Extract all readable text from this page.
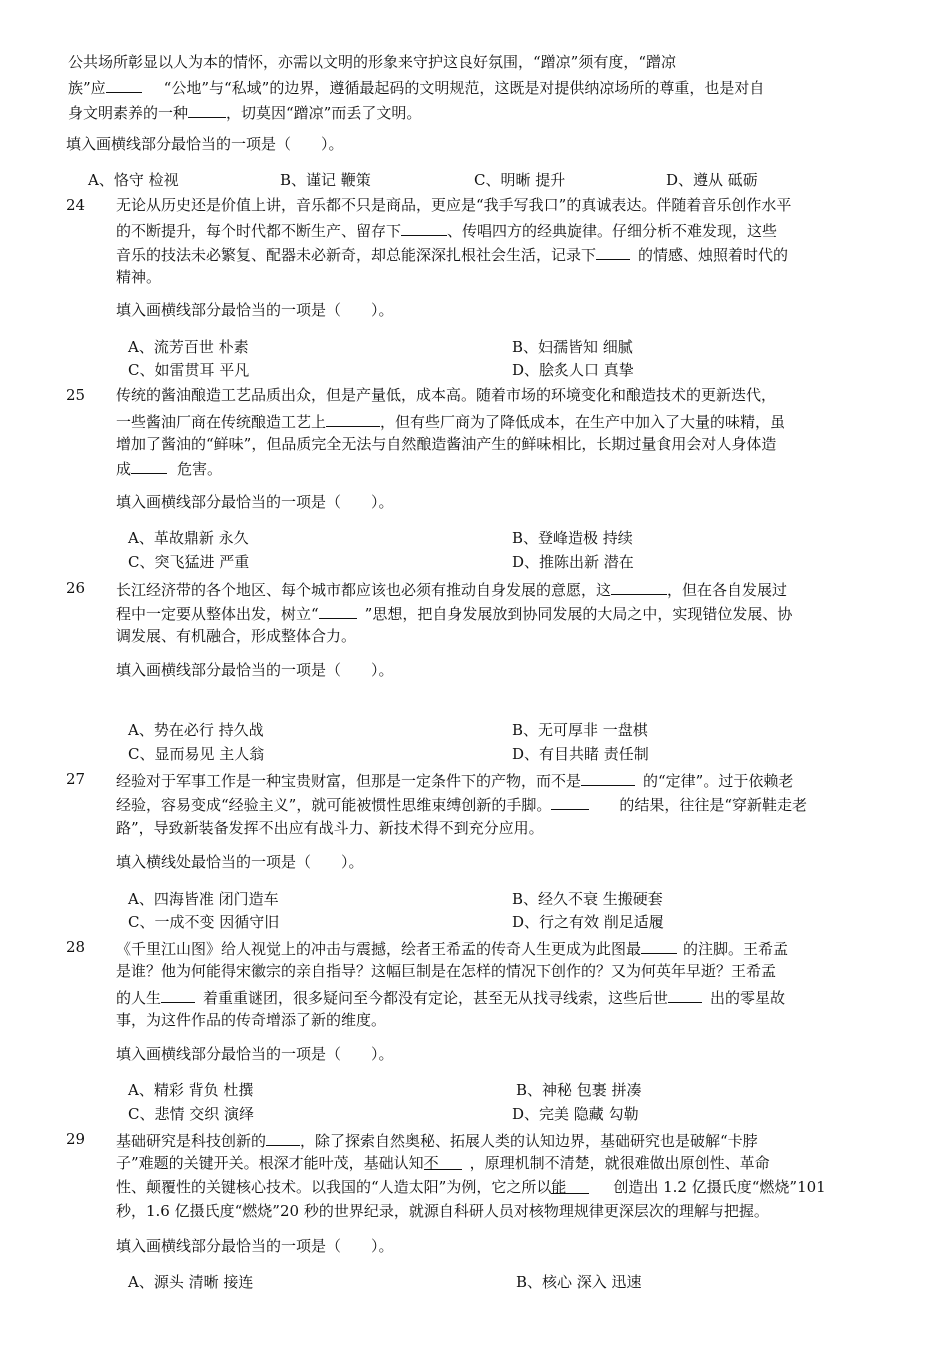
公共场所彰显以人为本的情怀，亦需以文明的形象来守护这良好氛围，“蹭凉”须有度，“蹭凉
族”应	“公地”与“私域”的边界，遵循最起码的文明规范，这既是对提供纳凉场所的尊重，也是对自
身文明素养的一种	，切莫因“蹭凉”而丢了文明。
填入画横线部分最恰当的一项是（　　）。
A、恪守 检视	B、谨记 鞭策	C、明晰 提升	D、遵从 砥砺
24 无论从历史还是价值上讲，音乐都不只是商品，更应是“我手写我口”的真诚表达。伴随着音乐创作水平
的不断提升，每个时代都不断生产、留存下	、传唱四方的经典旋律。仔细分析不难发现，这些
音乐的技法未必繁复、配器未必新奇，却总能深深扎根社会生活，记录下	的情感、烛照着时代的
精神。
填入画横线部分最恰当的一项是（　　）。
A、流芳百世 朴素	B、妇孺皆知 细腻
C、如雷贯耳 平凡	D、脍炙人口 真挚
25 传统的酱油酿造工艺品质出众，但是产量低，成本高。随着市场的环境变化和酿造技术的更新迭代，
一些酱油厂商在传统酿造工艺上	，但有些厂商为了降低成本，在生产中加入了大量的味精，虽
增加了酱油的“鲜味”，但品质完全无法与自然酿造酱油产生的鲜味相比，长期过量食用会对人身体造
成	危害。
填入画横线部分最恰当的一项是（　　）。
A、革故鼎新 永久	B、登峰造极 持续
C、突飞猛进 严重	D、推陈出新 潜在
26 长江经济带的各个地区、每个城市都应该也必须有推动自身发展的意愿，这	，但在各自发展过
程中一定要从整体出发，树立“	”思想，把自身发展放到协同发展的大局之中，实现错位发展、协
调发展、有机融合，形成整体合力。
填入画横线部分最恰当的一项是（　　）。
A、势在必行 持久战	B、无可厚非 一盘棋
C、显而易见 主人翁	D、有目共睹 责任制
27 经验对于军事工作是一种宝贵财富，但那是一定条件下的产物，而不是	的“定律”。过于依赖老
经验，容易变成“经验主义”，就可能被惯性思维束缚创新的手脚。	的结果，往往是“穿新鞋走老
路”，导致新装备发挥不出应有战斗力、新技术得不到充分应用。
填入横线处最恰当的一项是（　　）。
A、四海皆准 闭门造车	B、经久不衰 生搬硬套
C、一成不变 因循守旧	D、行之有效 削足适履
28 《千里江山图》给人视觉上的冲击与震撼，绘者王希孟的传奇人生更成为此图最	的注脚。王希孟
是谁？他为何能得宋徽宗的亲自指导？这幅巨制是在怎样的情况下创作的？又为何英年早逝？王希孟
的人生	着重重谜团，很多疑问至今都没有定论，甚至无从找寻线索，这些后世	出的零星故
事，为这件作品的传奇增添了新的维度。
填入画横线部分最恰当的一项是（　　）。
A、精彩 背负 杜撰	B、神秘 包裹 拼凑
C、悲情 交织 演绎	D、完美 隐藏 勾勒
29 基础研究是科技创新的 ，除了探索自然奥秘、拓展人类的认知边界，基础研究也是破解“卡脖
子”难题的关键开关。根深才能叶茂，基础认知不 ，原理机制不清楚，就很难做出原创性、革命
性、颠覆性的关键核心技术。以我国的“人造太阳”为例，它之所以能	创造出 1.2 亿摄氏度“燃烧”101
秒，1.6 亿摄氏度“燃烧”20 秒的世界纪录，就源自科研人员对核物理规律更深层次的理解与把握。
填入画横线部分最恰当的一项是（　　）。
A、源头 清晰 接连	B、核心 深入 迅速
